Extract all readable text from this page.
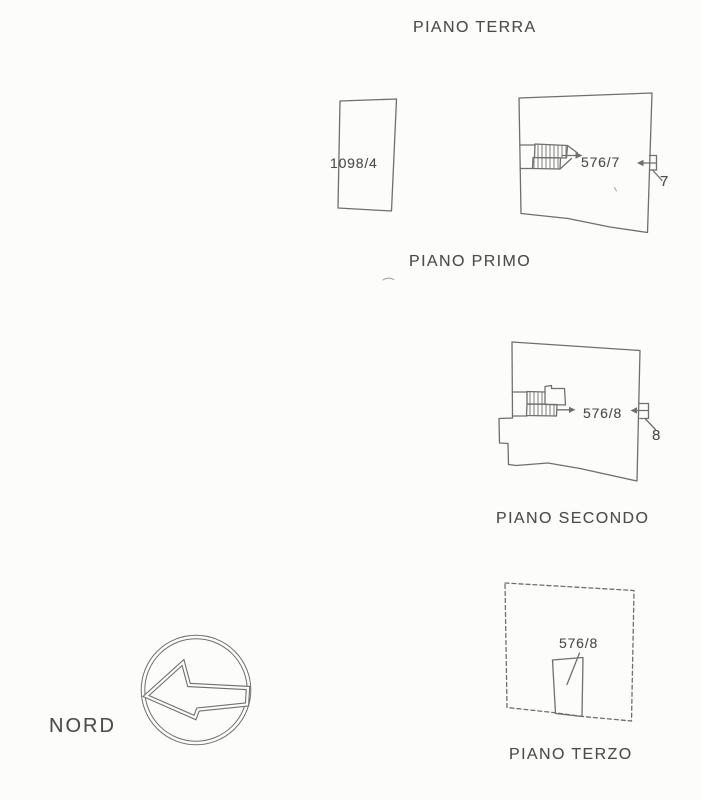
PIANO TERRA
1098/4	576/7
7
PIANO PRIMO
576/8
8
PIANO SECONDO
576/8
PIANO TERZO
NORD
